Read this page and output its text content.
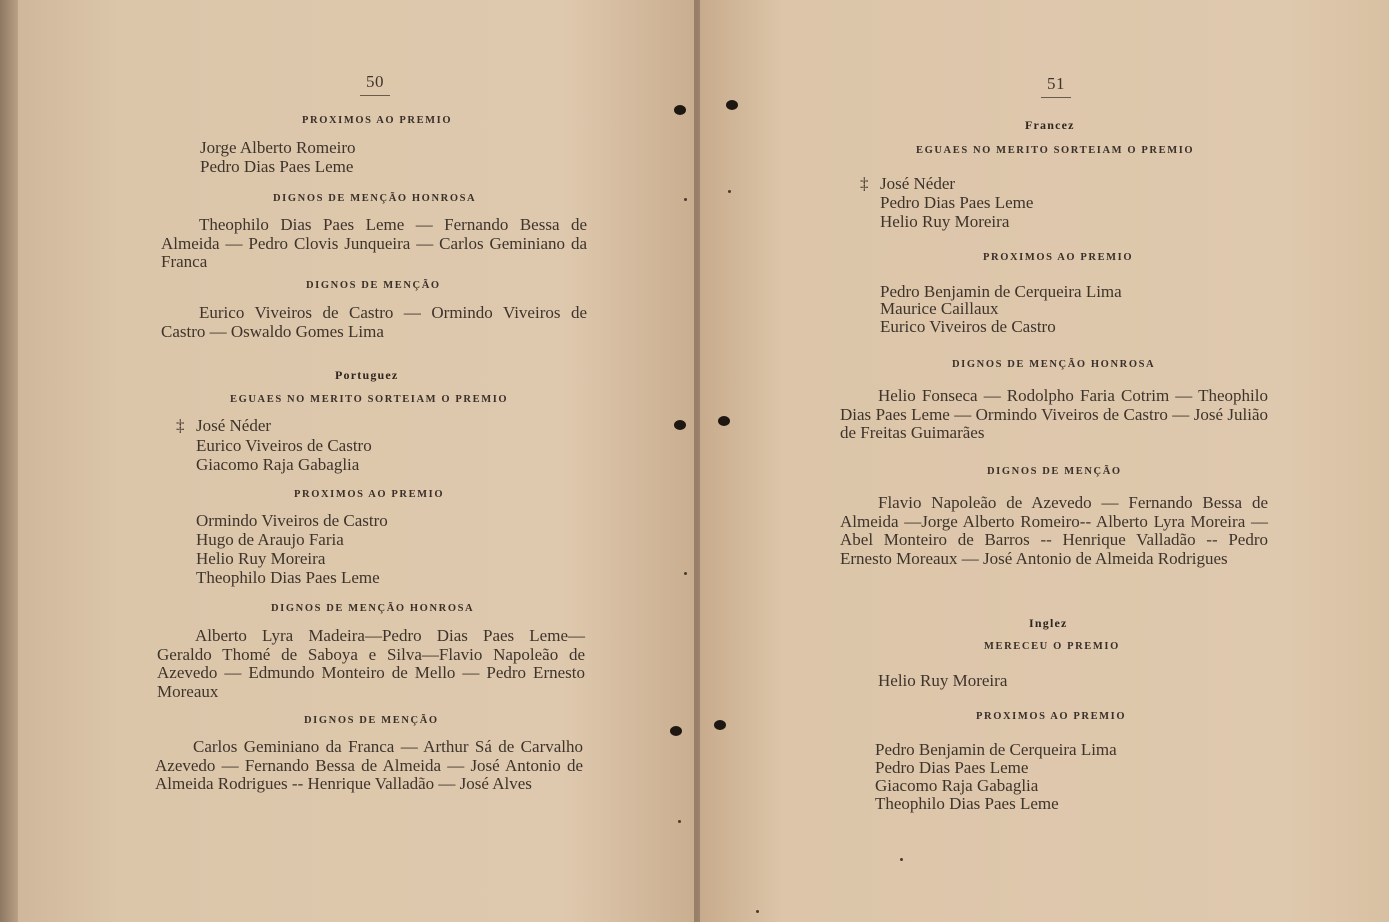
50
PROXIMOS AO PREMIO
Jorge Alberto Romeiro
Pedro Dias Paes Leme
DIGNOS DE MENÇÃO HONROSA
Theophilo Dias Paes Leme — Fernando Bessa de Almeida — Pedro Clovis Junqueira — Carlos Geminiano da Franca
DIGNOS DE MENÇÃO
Eurico Viveiros de Castro — Ormindo Viveiros de Castro — Oswaldo Gomes Lima
Portuguez
EGUAES NO MERITO SORTEIAM O PREMIO
‡ José Néder
Eurico Viveiros de Castro
Giacomo Raja Gabaglia
PROXIMOS AO PREMIO
Ormindo Viveiros de Castro
Hugo de Araujo Faria
Helio Ruy Moreira
Theophilo Dias Paes Leme
DIGNOS DE MENÇÃO HONROSA
Alberto Lyra Madeira—Pedro Dias Paes Leme—Geraldo Thomé de Saboya e Silva—Flavio Napoleão de Azevedo — Edmundo Monteiro de Mello — Pedro Ernesto Moreaux
DIGNOS DE MENÇÃO
Carlos Geminiano da Franca — Arthur Sá de Carvalho Azevedo — Fernando Bessa de Almeida — José Antonio de Almeida Rodrigues -- Henrique Valladão — José Alves
51
Francez
EGUAES NO MERITO SORTEIAM O PREMIO
‡ José Néder
Pedro Dias Paes Leme
Helio Ruy Moreira
PROXIMOS AO PREMIO
Pedro Benjamin de Cerqueira Lima
Maurice Caillaux
Eurico Viveiros de Castro
DIGNOS DE MENÇÃO HONROSA
Helio Fonseca — Rodolpho Faria Cotrim — Theophilo Dias Paes Leme — Ormindo Viveiros de Castro — José Julião de Freitas Guimarães
DIGNOS DE MENÇÃO
Flavio Napoleão de Azevedo — Fernando Bessa de Almeida —Jorge Alberto Romeiro-- Alberto Lyra Moreira —Abel Monteiro de Barros -- Henrique Valladão -- Pedro Ernesto Moreaux — José Antonio de Almeida Rodrigues
Inglez
MERECEU O PREMIO
Helio Ruy Moreira
PROXIMOS AO PREMIO
Pedro Benjamin de Cerqueira Lima
Pedro Dias Paes Leme
Giacomo Raja Gabaglia
Theophilo Dias Paes Leme
